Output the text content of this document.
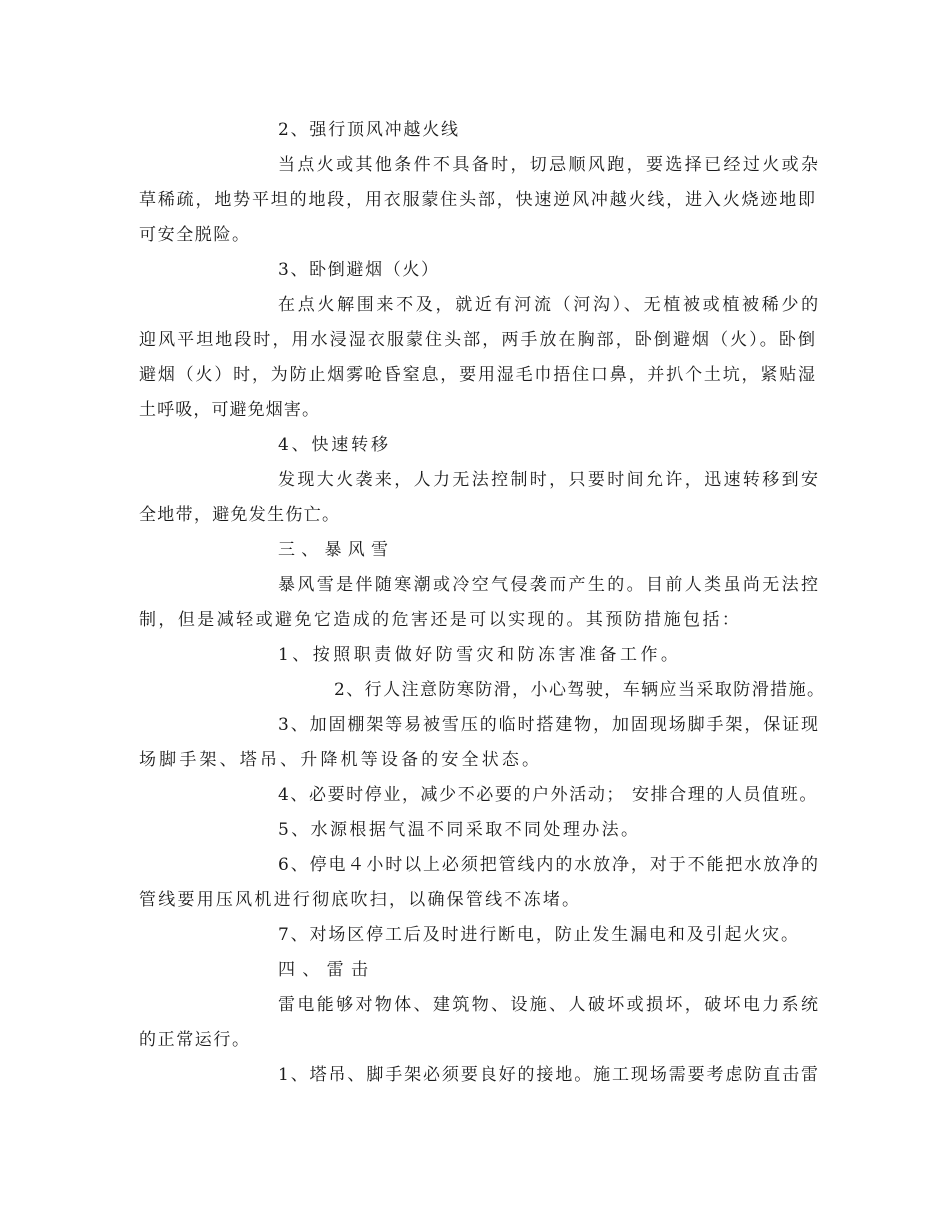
2、强行顶风冲越火线
当点火或其他条件不具备时，切忌顺风跑，要选择已经过火或杂
草稀疏，地势平坦的地段，用衣服蒙住头部，快速逆风冲越火线，进入火烧迹地即
可安全脱险。
3、卧倒避烟（火）
在点火解围来不及，就近有河流（河沟）、无植被或植被稀少的
迎风平坦地段时，用水浸湿衣服蒙住头部，两手放在胸部，卧倒避烟（火）。卧倒
避烟（火）时，为防止烟雾呛昏窒息，要用湿毛巾捂住口鼻，并扒个土坑，紧贴湿
土呼吸，可避免烟害。
4、快速转移
发现大火袭来，人力无法控制时，只要时间允许，迅速转移到安
全地带，避免发生伤亡。
三、暴风雪
暴风雪是伴随寒潮或冷空气侵袭而产生的。目前人类虽尚无法控
制，但是减轻或避免它造成的危害还是可以实现的。其预防措施包括：
1、按照职责做好防雪灾和防冻害准备工作。
2、行人注意防寒防滑，小心驾驶，车辆应当采取防滑措施。
3、加固棚架等易被雪压的临时搭建物，加固现场脚手架，保证现
场脚手架、塔吊、升降机等设备的安全状态。
4、必要时停业，减少不必要的户外活动； 安排合理的人员值班。
5、水源根据气温不同采取不同处理办法。
6、停电４小时以上必须把管线内的水放净，对于不能把水放净的
管线要用压风机进行彻底吹扫，以确保管线不冻堵。
7、对场区停工后及时进行断电，防止发生漏电和及引起火灾。
四、雷击
雷电能够对物体、建筑物、设施、人破坏或损坏，破坏电力系统
的正常运行。
1、塔吊、脚手架必须要良好的接地。施工现场需要考虑防直击雷
